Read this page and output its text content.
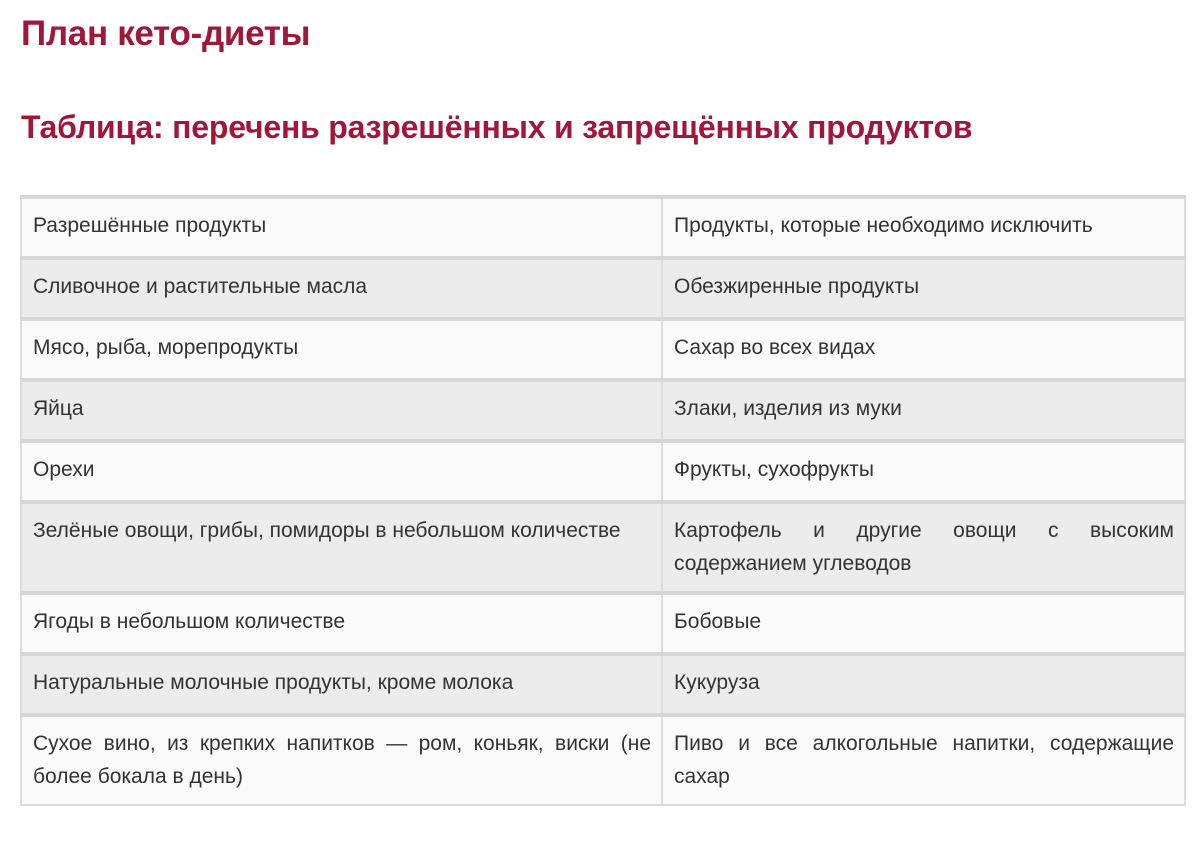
План кето-диеты
Таблица: перечень разрешённых и запрещённых продуктов
Разрешённые продукты	Продукты, которые необходимо исключить
Сливочное и растительные масла	Обезжиренные продукты
Мясо, рыба, морепродукты	Сахар во всех видах
Яйца	Злаки, изделия из муки
Орехи	Фрукты, сухофрукты
Зелёные овощи, грибы, помидоры в небольшом количестве	Картофель и другие овощи с высоким содержанием углеводов
Ягоды в небольшом количестве	Бобовые
Натуральные молочные продукты, кроме молока	Кукуруза
Сухое вино, из крепких напитков — ром, коньяк, виски (не более бокала в день)	Пиво и все алкогольные напитки, содержащие сахар
